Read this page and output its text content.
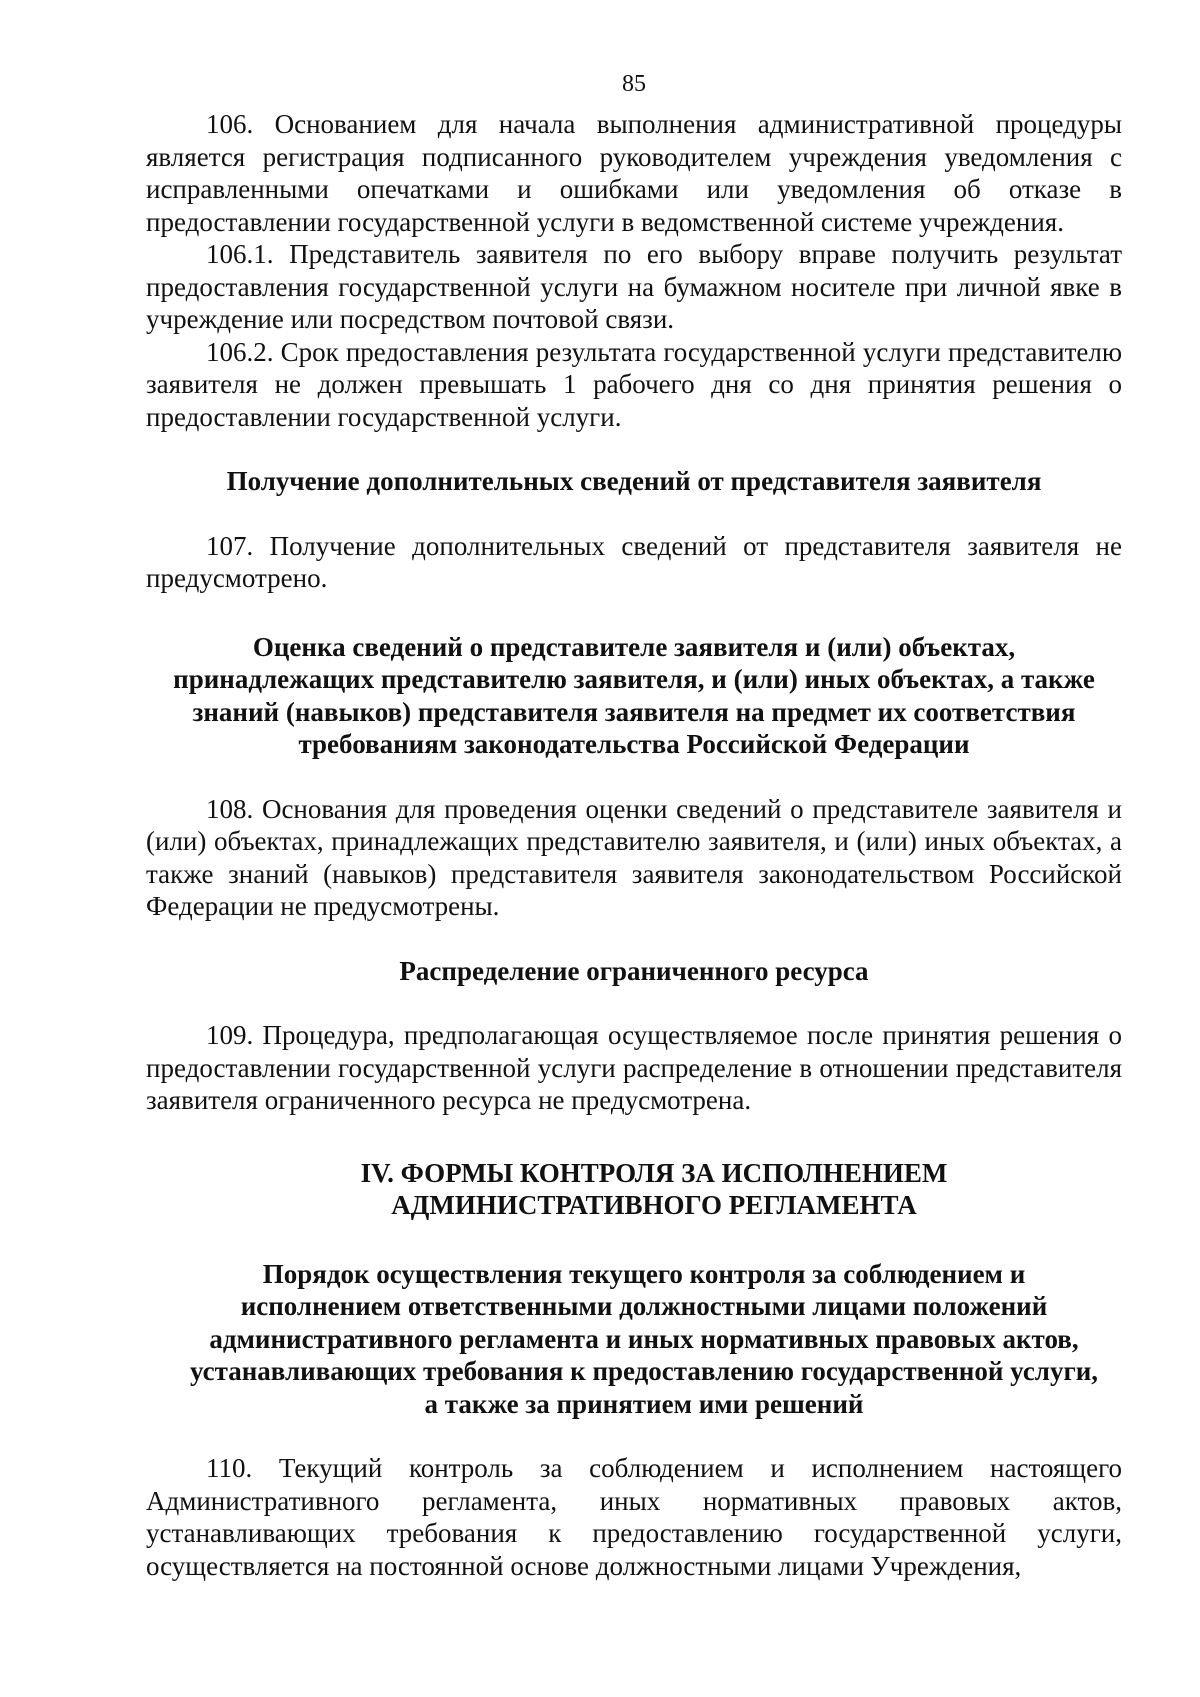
85

106. Основанием для начала выполнения административной процедуры является регистрация подписанного руководителем учреждения уведомления с исправленными опечатками и ошибками или уведомления об отказе в предоставлении государственной услуги в ведомственной системе учреждения.

106.1. Представитель заявителя по его выбору вправе получить результат предоставления государственной услуги на бумажном носителе при личной явке в учреждение или посредством почтовой связи.

106.2. Срок предоставления результата государственной услуги представителю заявителя не должен превышать 1 рабочего дня со дня принятия решения о предоставлении государственной услуги.

Получение дополнительных сведений от представителя заявителя

107. Получение дополнительных сведений от представителя заявителя не предусмотрено.

Оценка сведений о представителе заявителя и (или) объектах,
принадлежащих представителю заявителя, и (или) иных объектах, а также
знаний (навыков) представителя заявителя на предмет их соответствия
требованиям законодательства Российской Федерации

108. Основания для проведения оценки сведений о представителе заявителя и (или) объектах, принадлежащих представителю заявителя, и (или) иных объектах, а также знаний (навыков) представителя заявителя законодательством Российской Федерации не предусмотрены.

Распределение ограниченного ресурса

109. Процедура, предполагающая осуществляемое после принятия решения о предоставлении государственной услуги распределение в отношении представителя заявителя ограниченного ресурса не предусмотрена.

IV. ФОРМЫ КОНТРОЛЯ ЗА ИСПОЛНЕНИЕМ
АДМИНИСТРАТИВНОГО РЕГЛАМЕНТА
Порядок осуществления текущего контроля за соблюдением и
исполнением ответственными должностными лицами положений
административного регламента и иных нормативных правовых актов,
устанавливающих требования к предоставлению государственной услуги,
а также за принятием ими решений

110. Текущий контроль за соблюдением и исполнением настоящего Административного регламента, иных нормативных правовых актов, устанавливающих требования к предоставлению государственной услуги, осуществляется на постоянной основе должностными лицами Учреждения,
